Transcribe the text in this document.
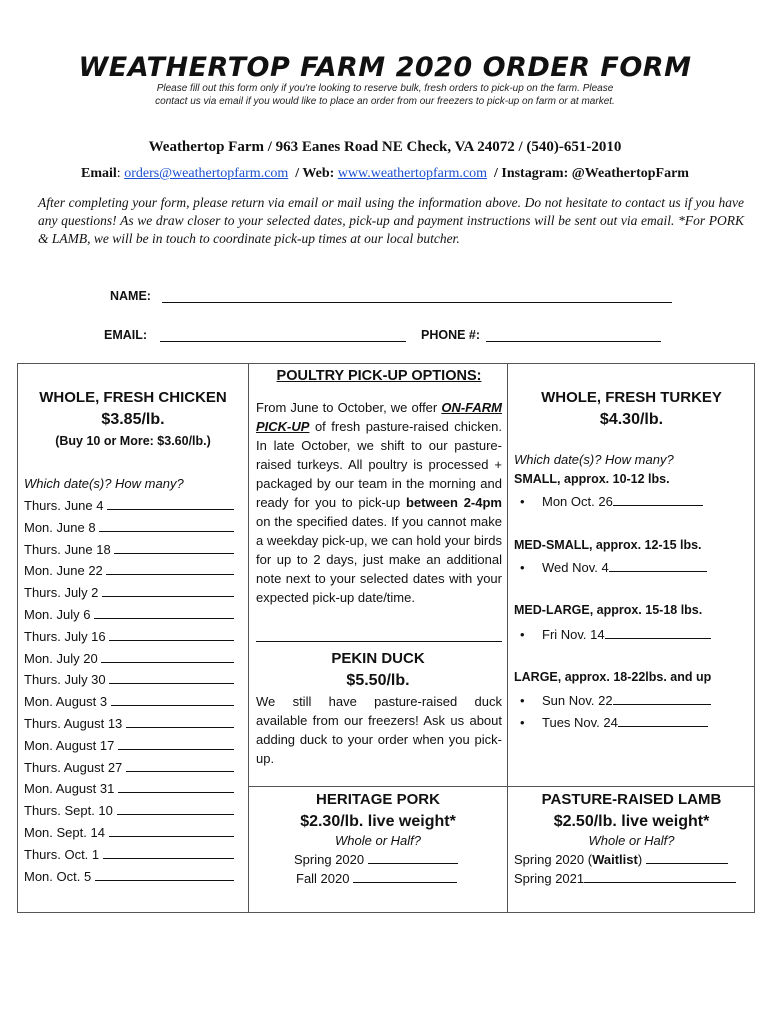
WEATHERTOP FARM 2020 ORDER FORM
Please fill out this form only if you're looking to reserve bulk, fresh orders to pick-up on the farm. Please
contact us via email if you would like to place an order from our freezers to pick-up on farm or at market.
Weathertop Farm / 963 Eanes Road NE Check, VA 24072 / (540)-651-2010
Email: orders@weathertopfarm.com / Web: www.weathertopfarm.com / Instagram: @WeathertopFarm
After completing your form, please return via email or mail using the information above. Do not hesitate to contact us if you have any questions! As we draw closer to your selected dates, pick-up and payment instructions will be sent out via email. *For PORK & LAMB, we will be in touch to coordinate pick-up times at our local butcher.
NAME:
EMAIL:	PHONE #:
WHOLE, FRESH CHICKEN
$3.85/lb.
(Buy 10 or More: $3.60/lb.)
Which date(s)? How many?
Thurs. June 4
Mon. June 8
Thurs. June 18
Mon. June 22
Thurs. July 2
Mon. July 6
Thurs. July 16
Mon. July 20
Thurs. July 30
Mon. August 3
Thurs. August 13
Mon. August 17
Thurs. August 27
Mon. August 31
Thurs. Sept. 10
Mon. Sept. 14
Thurs. Oct. 1
Mon. Oct. 5
POULTRY PICK-UP OPTIONS:
From June to October, we offer ON-FARM PICK-UP of fresh pasture-raised chicken. In late October, we shift to our pasture-raised turkeys. All poultry is processed + packaged by our team in the morning and ready for you to pick-up between 2-4pm on the specified dates. If you cannot make a weekday pick-up, we can hold your birds for up to 2 days, just make an additional note next to your selected dates with your expected pick-up date/time.
PEKIN DUCK
$5.50/lb.
We still have pasture-raised duck available from our freezers! Ask us about adding duck to your order when you pick-up.
WHOLE, FRESH TURKEY
$4.30/lb.
Which date(s)? How many?
SMALL, approx. 10-12 lbs.
• Mon Oct. 26
MED-SMALL, approx. 12-15 lbs.
• Wed Nov. 4
MED-LARGE, approx. 15-18 lbs.
• Fri Nov. 14
LARGE, approx. 18-22lbs. and up
• Sun Nov. 22
• Tues Nov. 24
HERITAGE PORK
$2.30/lb. live weight*
Whole or Half?
Spring 2020
Fall 2020
PASTURE-RAISED LAMB
$2.50/lb. live weight*
Whole or Half?
Spring 2020 (Waitlist)
Spring 2021
